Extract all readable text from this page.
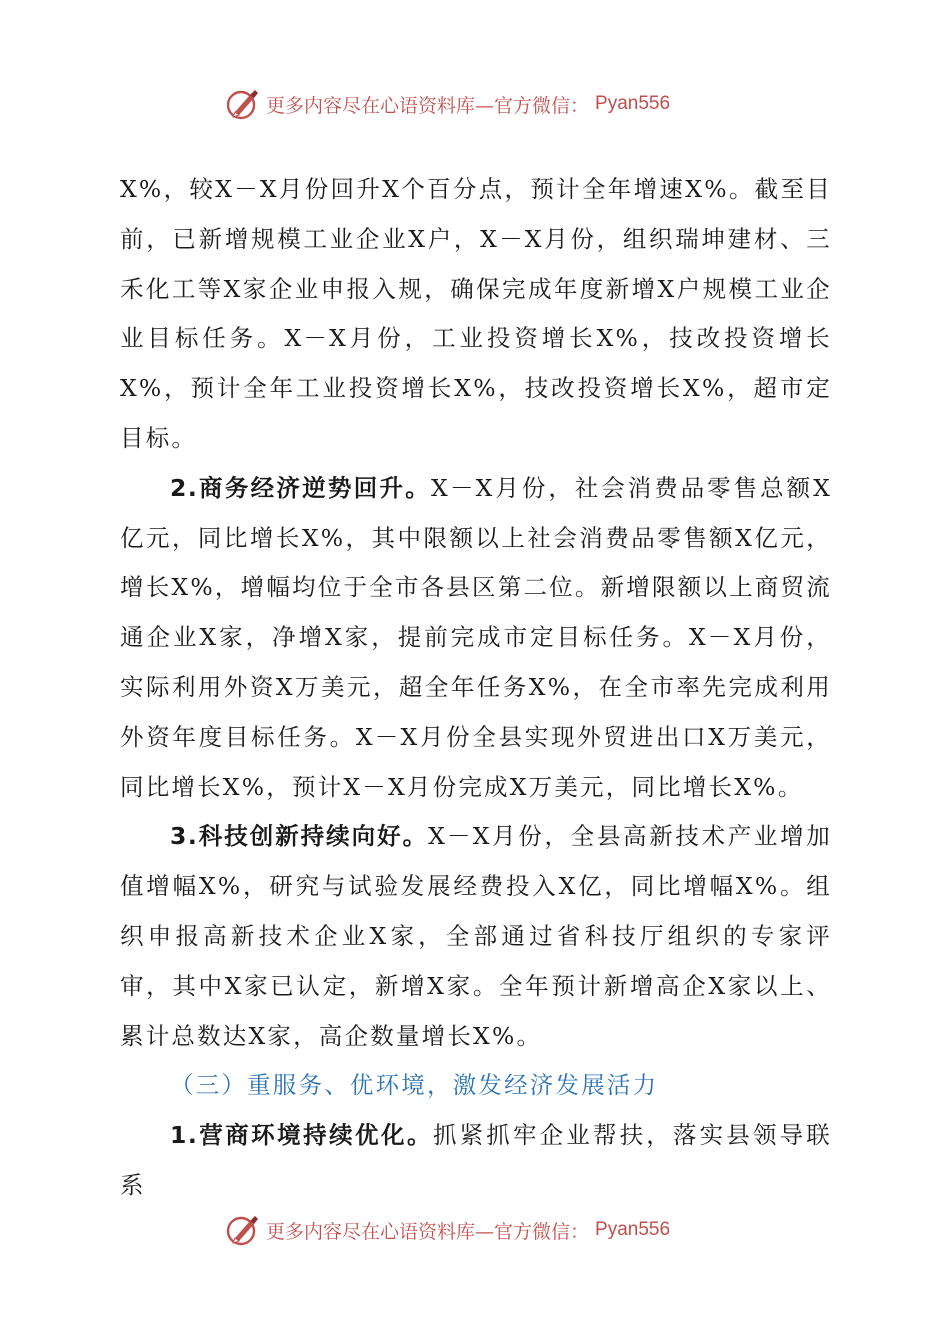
更多内容尽在心语资料库—官方微信： Pyan556

X%，较X－X月份回升X个百分点，预计全年增速X%。截至目前，已新增规模工业企业X户，X－X月份，组织瑞坤建材、三禾化工等X家企业申报入规，确保完成年度新增X户规模工业企业目标任务。X－X月份，工业投资增长X%，技改投资增长X%，预计全年工业投资增长X%，技改投资增长X%，超市定目标。

2.商务经济逆势回升。X－X月份，社会消费品零售总额X亿元，同比增长X%，其中限额以上社会消费品零售额X亿元，增长X%，增幅均位于全市各县区第二位。新增限额以上商贸流通企业X家，净增X家，提前完成市定目标任务。X－X月份，实际利用外资X万美元，超全年任务X%，在全市率先完成利用外资年度目标任务。X－X月份全县实现外贸进出口X万美元，同比增长X%，预计X－X月份完成X万美元，同比增长X%。

3.科技创新持续向好。X－X月份，全县高新技术产业增加值增幅X%，研究与试验发展经费投入X亿，同比增幅X%。组织申报高新技术企业X家，全部通过省科技厅组织的专家评审，其中X家已认定，新增X家。全年预计新增高企X家以上、累计总数达X家，高企数量增长X%。

（三）重服务、优环境，激发经济发展活力

1.营商环境持续优化。抓紧抓牢企业帮扶，落实县领导联系

更多内容尽在心语资料库—官方微信： Pyan556
